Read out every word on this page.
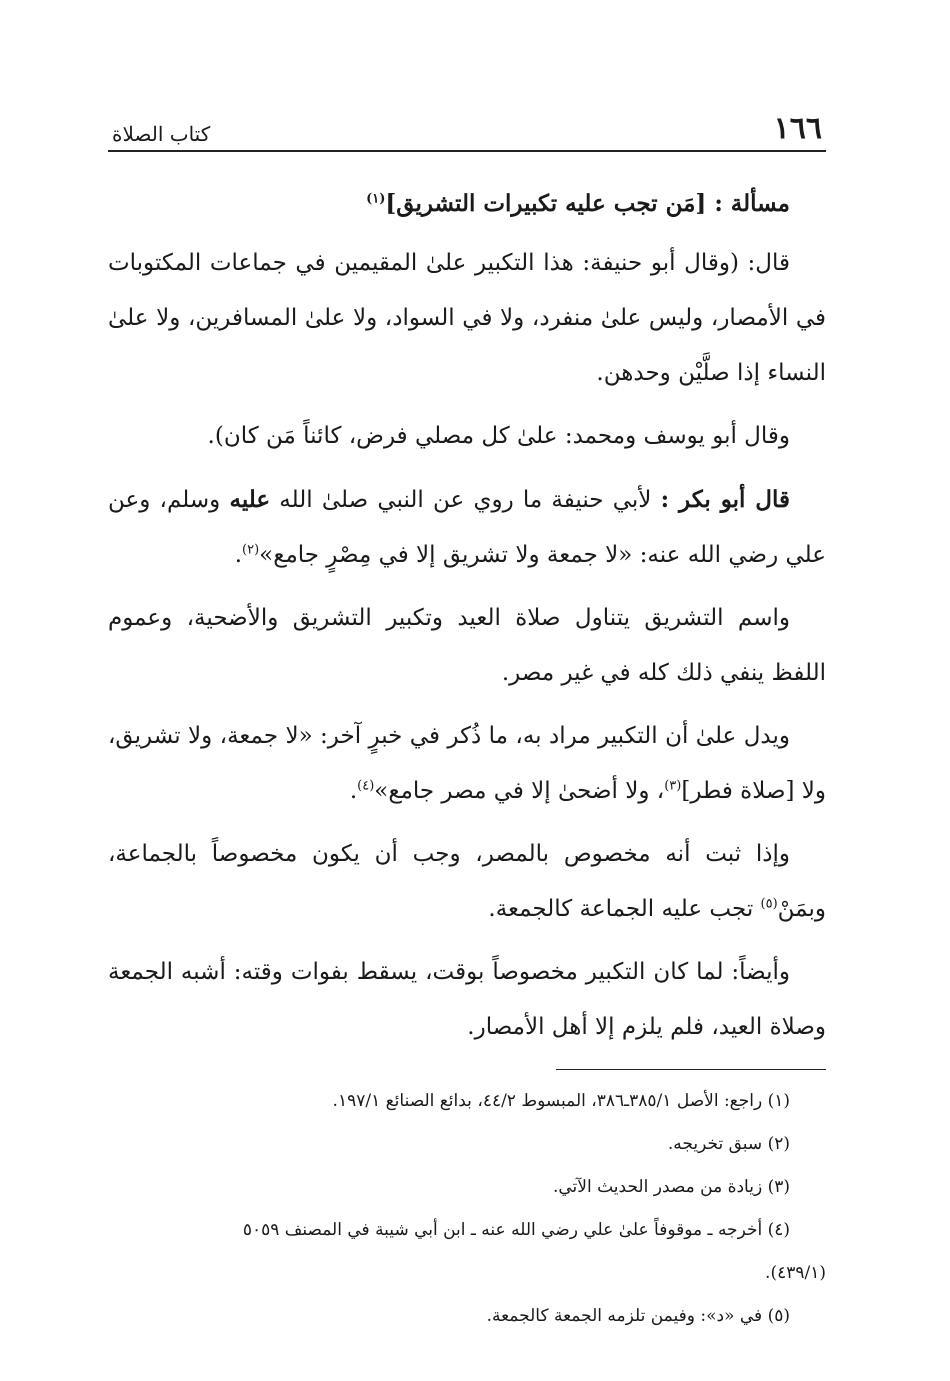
١٦٦
كتاب الصلاة

مسألة : [مَن تجب عليه تكبيرات التشريق]$^{(١)}$

قال: (وقال أبو حنيفة: هذا التكبير علىٰ المقيمين في جماعات المكتوبات في الأمصار، وليس علىٰ منفرد، ولا في السواد، ولا علىٰ المسافرين، ولا علىٰ النساء إذا صلَّيْن وحدهن.

وقال أبو يوسف ومحمد: علىٰ كل مصلي فرض، كائناً مَن كان).

قال أبو بكر : لأبي حنيفة ما روي عن النبي صلىٰ الله عليه وسلم، وعن علي رضي الله عنه: «لا جمعة ولا تشريق إلا في مِصْرٍ جامع»$^{(٢)}$.

واسم التشريق يتناول صلاة العيد وتكبير التشريق والأضحية، وعموم اللفظ ينفي ذلك كله في غير مصر.

ويدل علىٰ أن التكبير مراد به، ما ذُكر في خبرٍ آخر: «لا جمعة، ولا تشريق، ولا [صلاة فطر]$^{(٣)}$، ولا أضحىٰ إلا في مصر جامع»$^{(٤)}$.

وإذا ثبت أنه مخصوص بالمصر، وجب أن يكون مخصوصاً بالجماعة، وبمَنْ$^{(٥)}$ تجب عليه الجماعة كالجمعة.

وأيضاً: لما كان التكبير مخصوصاً بوقت، يسقط بفوات وقته: أشبه الجمعة وصلاة العيد، فلم يلزم إلا أهل الأمصار.

(١) راجع: الأصل ٣٨٥/١ـ٣٨٦، المبسوط ٤٤/٢، بدائع الصنائع ١٩٧/١.

(٢) سبق تخريجه.

(٣) زيادة من مصدر الحديث الآتي.

(٤) أخرجه ـ موقوفاً علىٰ علي رضي الله عنه ـ ابن أبي شيبة في المصنف ٥٠٥٩

(٤٣٩/١).

(٥) في «د»: وفيمن تلزمه الجمعة كالجمعة.
